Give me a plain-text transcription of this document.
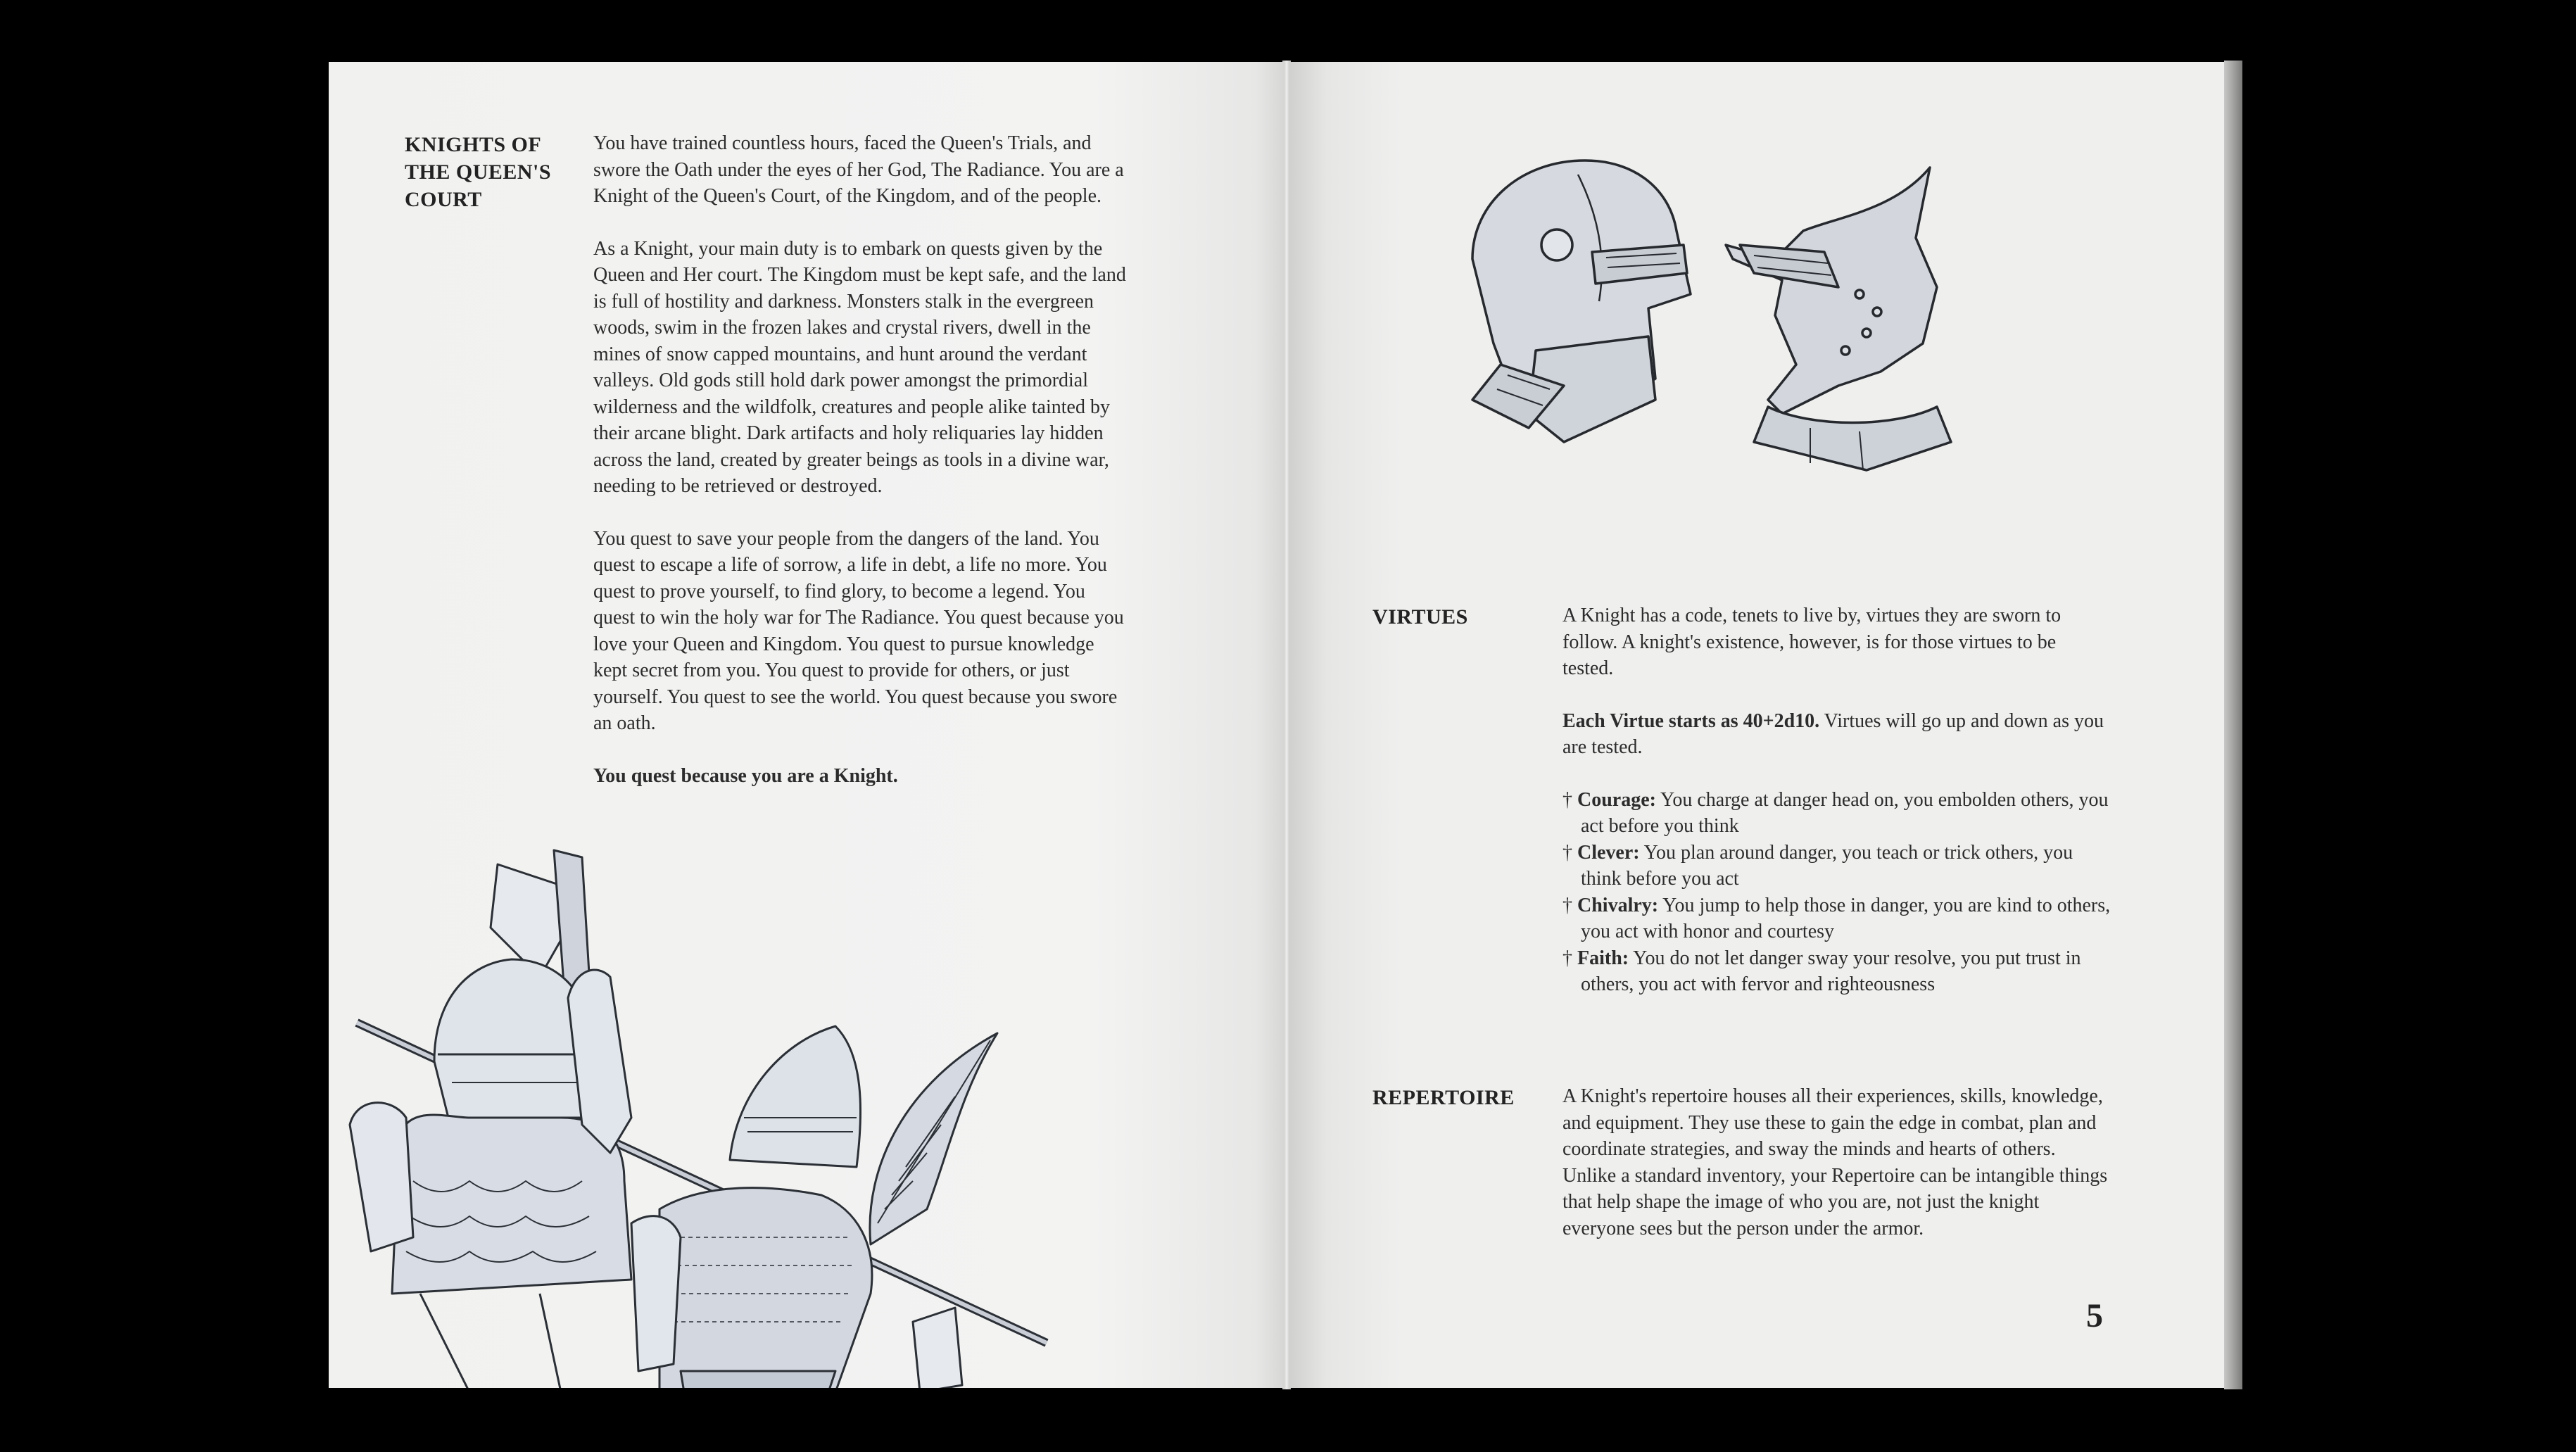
KNIGHTS OF THE QUEEN'S COURT

You have trained countless hours, faced the Queen's Trials, and swore the Oath under the eyes of her God, The Radiance. You are a Knight of the Queen's Court, of the Kingdom, and of the people.

As a Knight, your main duty is to embark on quests given by the Queen and Her court. The Kingdom must be kept safe, and the land is full of hostility and darkness. Monsters stalk in the evergreen woods, swim in the frozen lakes and crystal rivers, dwell in the mines of snow capped mountains, and hunt around the verdant valleys. Old gods still hold dark power amongst the primordial wilderness and the wildfolk, creatures and people alike tainted by their arcane blight. Dark artifacts and holy reliquaries lay hidden across the land, created by greater beings as tools in a divine war, needing to be retrieved or destroyed.

You quest to save your people from the dangers of the land. You quest to escape a life of sorrow, a life in debt, a life no more. You quest to prove yourself, to find glory, to become a legend. You quest to win the holy war for The Radiance. You quest because you love your Queen and Kingdom. You quest to pursue knowledge kept secret from you. You quest to provide for others, or just yourself. You quest to see the world. You quest because you swore an oath.

You quest because you are a Knight.

VIRTUES	A Knight has a code, tenets to live by, virtues they are sworn to follow. A knight's existence, however, is for those virtues to be tested.

Each Virtue starts as 40+2d10. Virtues will go up and down as you are tested.

† Courage: You charge at danger head on, you embolden others, you act before you think
† Clever: You plan around danger, you teach or trick others, you think before you act
† Chivalry: You jump to help those in danger, you are kind to others, you act with honor and courtesy
† Faith: You do not let danger sway your resolve, you put trust in others, you act with fervor and righteousness
REPERTOIRE A Knight's repertoire houses all their experiences, skills, knowledge, and equipment. They use these to gain the edge in combat, plan and coordinate strategies, and sway the minds and hearts of others. Unlike a standard inventory, your Repertoire can be intangible things that help shape the image of who you are, not just the knight everyone sees but the person under the armor.
5
